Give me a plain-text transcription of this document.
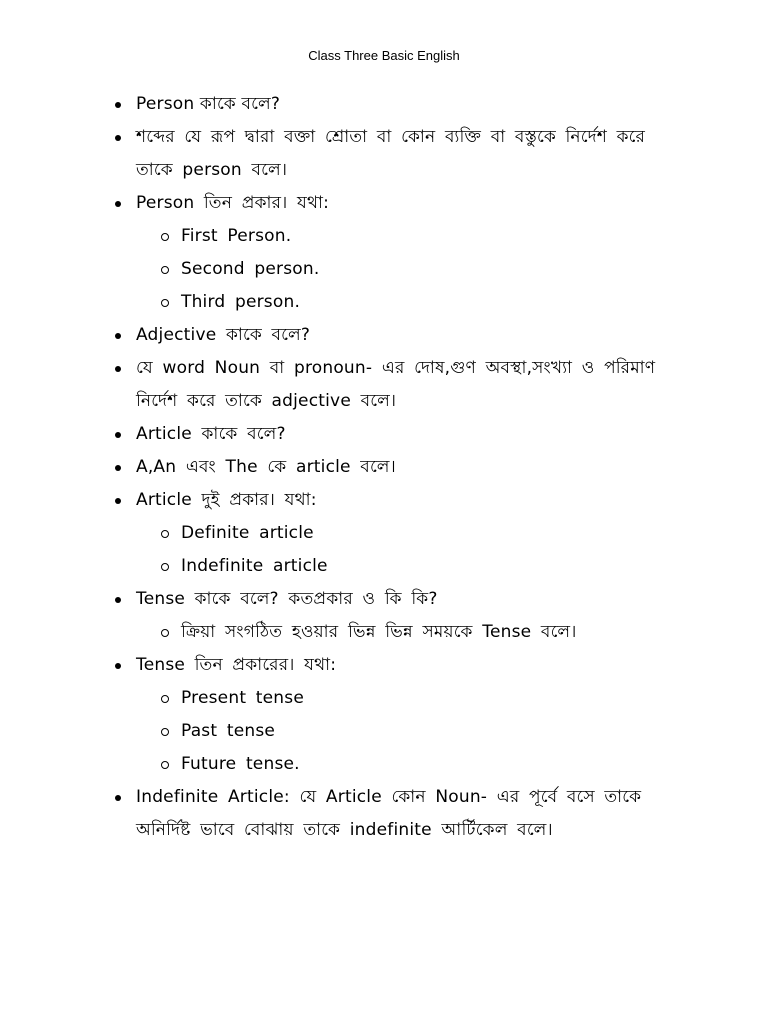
Class Three Basic English
Person কাকে বলে?
শব্দের যে রূপ দ্বারা বক্তা শ্রোতা বা কোন ব্যক্তি বা বস্তুকে নির্দেশ করে তাকে person বলে।
Person তিন প্রকার। যথা:
First Person.
Second person.
Third person.
Adjective কাকে বলে?
যে word Noun বা pronoun- এর দোষ,গুণ অবস্থা,সংখ্যা ও পরিমাণ নির্দেশ করে তাকে adjective বলে।
Article কাকে বলে?
A,An এবং The কে article বলে।
Article দুই প্রকার। যথা:
Definite article
Indefinite article
Tense কাকে বলে? কতপ্রকার ও কি কি?
ক্রিয়া সংগঠিত হওয়ার ভিন্ন ভিন্ন সময়কে Tense বলে।
Tense তিন প্রকারের। যথা:
Present tense
Past tense
Future tense.
Indefinite Article: যে Article কোন Noun- এর পূর্বে বসে তাকে অনির্দিষ্ট ভাবে বোঝায় তাকে indefinite আর্টিকেল বলে।
